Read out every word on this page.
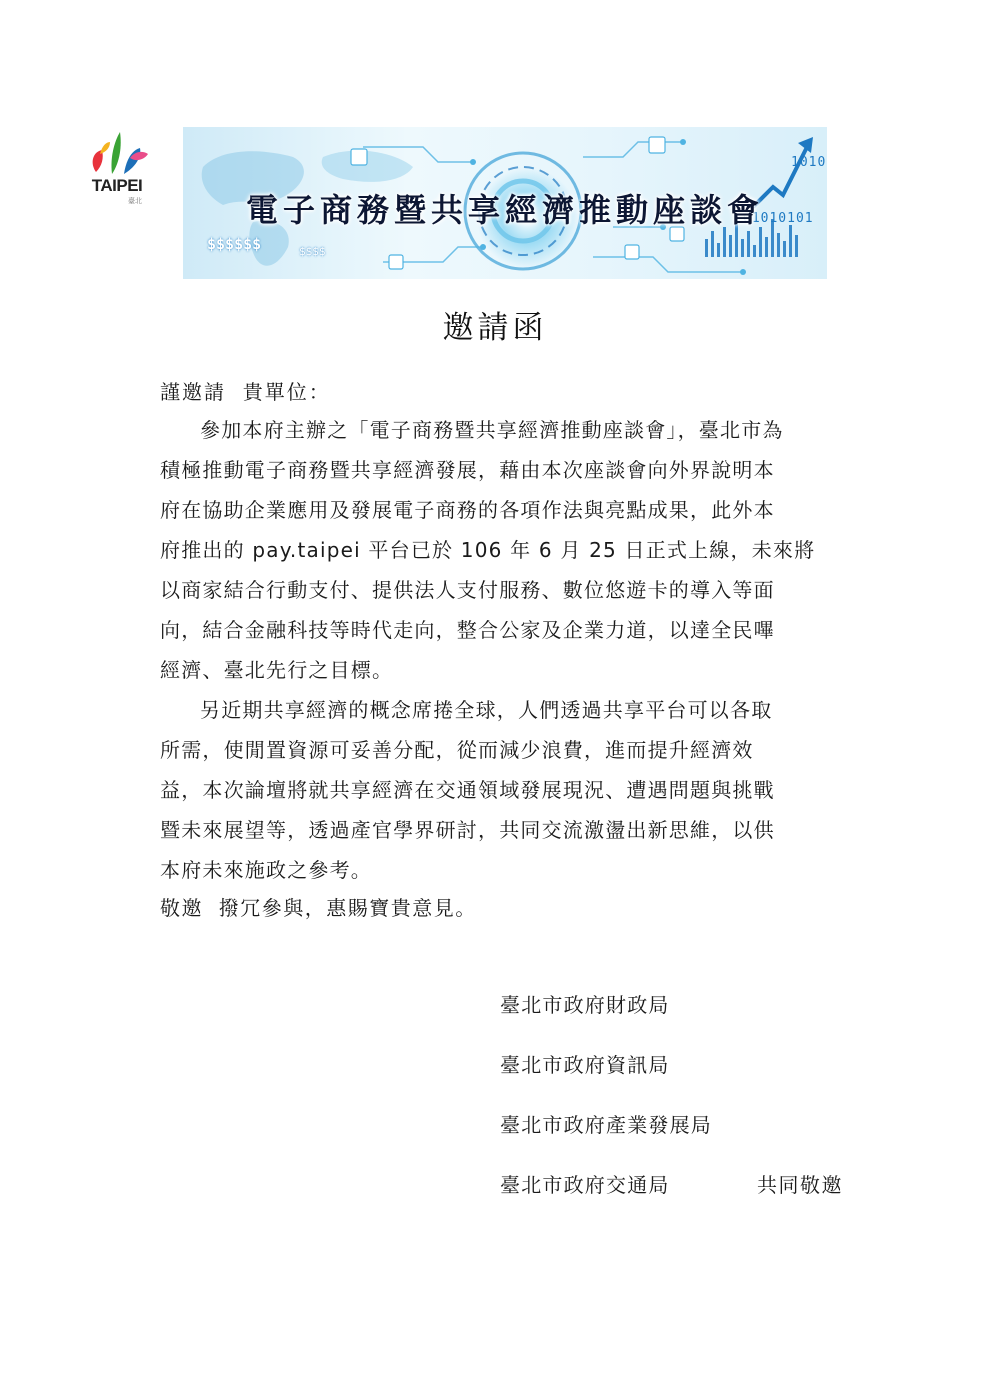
TAIPEI
臺北
$$$$$$	$$$$
1010
01010101
電子商務暨共享經濟推動座談會
邀請函
謹邀請  貴單位：
參加本府主辦之「電子商務暨共享經濟推動座談會」，臺北市為
積極推動電子商務暨共享經濟發展，藉由本次座談會向外界說明本
府在協助企業應用及發展電子商務的各項作法與亮點成果，此外本
府推出的 pay.taipei 平台已於 106 年 6 月 25 日正式上線，未來將
以商家結合行動支付、提供法人支付服務、數位悠遊卡的導入等面
向，結合金融科技等時代走向，整合公家及企業力道，以達全民嗶
經濟、臺北先行之目標。
另近期共享經濟的概念席捲全球，人們透過共享平台可以各取
所需，使閒置資源可妥善分配，從而減少浪費，進而提升經濟效
益，本次論壇將就共享經濟在交通領域發展現況、遭遇問題與挑戰
暨未來展望等，透過產官學界研討，共同交流激盪出新思維，以供
本府未來施政之參考。
敬邀  撥冗參與，惠賜寶貴意見。
臺北市政府財政局
臺北市政府資訊局
臺北市政府產業發展局
臺北市政府交通局	共同敬邀
